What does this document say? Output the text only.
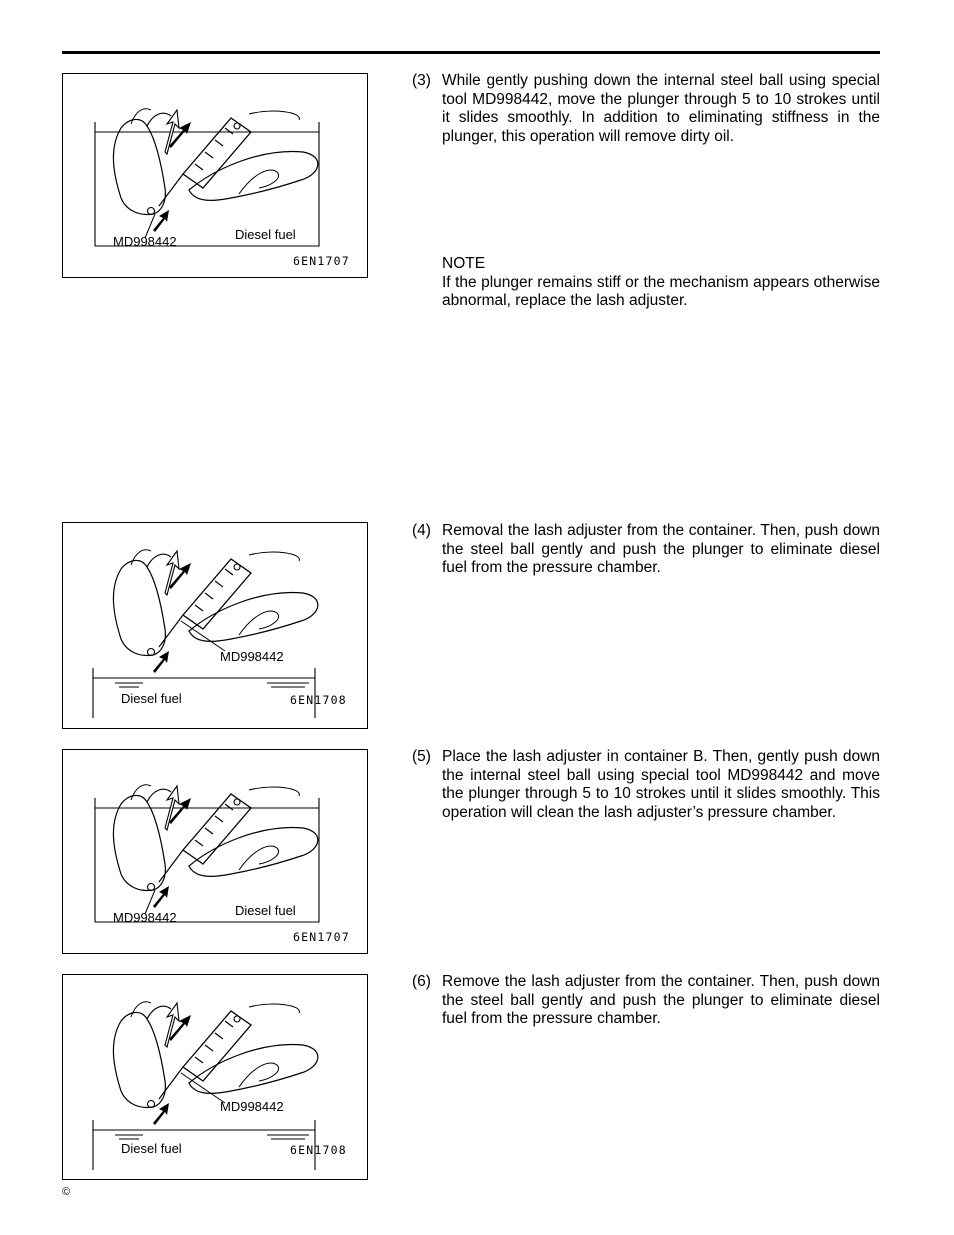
MD998442	Diesel fuel
6EN1707
MD998442
Diesel fuel	6EN1708
MD998442	Diesel fuel
6EN1707
MD998442
Diesel fuel	6EN1708
(3) While gently pushing down the internal steel ball using special tool MD998442, move the plunger through 5 to 10 strokes until it slides smoothly. In addition to eliminating stiffness in the plunger, this operation will remove dirty oil.
NOTE
If the plunger remains stiff or the mechanism appears otherwise abnormal, replace the lash adjuster.
(4) Removal the lash adjuster from the container. Then, push down the steel ball gently and push the plunger to eliminate diesel fuel from the pressure chamber.
(5) Place the lash adjuster in container B. Then, gently push down the internal steel ball using special tool MD998442 and move the plunger through 5 to 10 strokes until it slides smoothly. This operation will clean the lash adjuster’s pressure chamber.
(6) Remove the lash adjuster from the container. Then, push down the steel ball gently and push the plunger to eliminate diesel fuel from the pressure chamber.
©
